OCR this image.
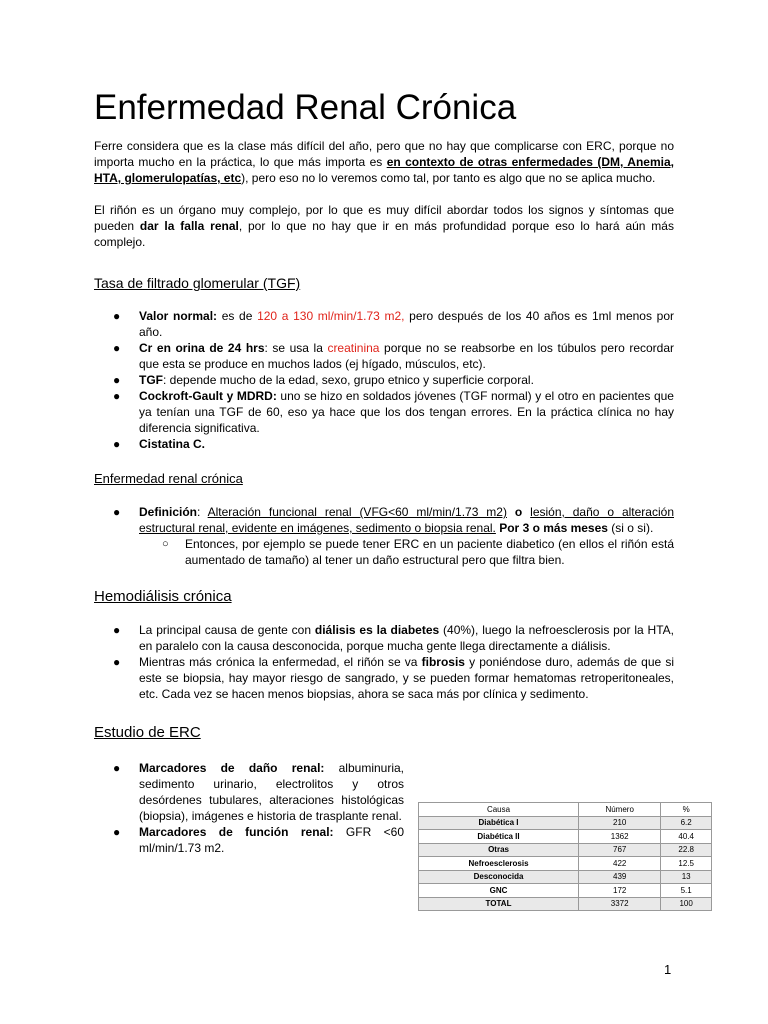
Enfermedad Renal Crónica

Ferre considera que es la clase más difícil del año, pero que no hay que complicarse con ERC, porque no importa mucho en la práctica, lo que más importa es en contexto de otras enfermedades (DM, Anemia, HTA, glomerulopatías, etc), pero eso no lo veremos como tal, por tanto es algo que no se aplica mucho.

El riñón es un órgano muy complejo, por lo que es muy difícil abordar todos los signos y síntomas que pueden dar la falla renal, por lo que no hay que ir en más profundidad porque eso lo hará aún más complejo.

Tasa de filtrado glomerular (TGF)
● Valor normal: es de 120 a 130 ml/min/1.73 m2, pero después de los 40 años es 1ml menos por año.
● Cr en orina de 24 hrs: se usa la creatinina porque no se reabsorbe en los túbulos pero recordar que esta se produce en muchos lados (ej hígado, músculos, etc).
● TGF: depende mucho de la edad, sexo, grupo etnico y superficie corporal.
● Cockroft-Gault y MDRD: uno se hizo en soldados jóvenes (TGF normal) y el otro en pacientes que ya tenían una TGF de 60, eso ya hace que los dos tengan errores. En la práctica clínica no hay diferencia significativa.
● Cistatina C.
Enfermedad renal crónica
● Definición: Alteración funcional renal (VFG<60 ml/min/1.73 m2) o lesión, daño o alteración estructural renal, evidente en imágenes, sedimento o biopsia renal. Por 3 o más meses (si o si).
○ Entonces, por ejemplo se puede tener ERC en un paciente diabetico (en ellos el riñón está aumentado de tamaño) al tener un daño estructural pero que filtra bien.
Hemodiálisis crónica
● La principal causa de gente con diálisis es la diabetes (40%), luego la nefroesclerosis por la HTA, en paralelo con la causa desconocida, porque mucha gente llega directamente a diálisis.
● Mientras más crónica la enfermedad, el riñón se va fibrosis y poniéndose duro, además de que si este se biopsia, hay mayor riesgo de sangrado, y se pueden formar hematomas retroperitoneales, etc. Cada vez se hacen menos biopsias, ahora se saca más por clínica y sedimento.
Estudio de ERC
● Marcadores de daño renal: albuminuria, sedimento urinario, electrolitos y otros desórdenes tubulares, alteraciones histológicas (biopsia), imágenes e historia de trasplante renal.
● Marcadores de función renal: GFR <60 ml/min/1.73 m2.
Causa	Número	%
Diabética I	210	6.2
Diabética II	1362	40.4
Otras	767	22.8
Nefroesclerosis	422	12.5
Desconocida	439	13
GNC	172	5.1
TOTAL	3372	100
1
